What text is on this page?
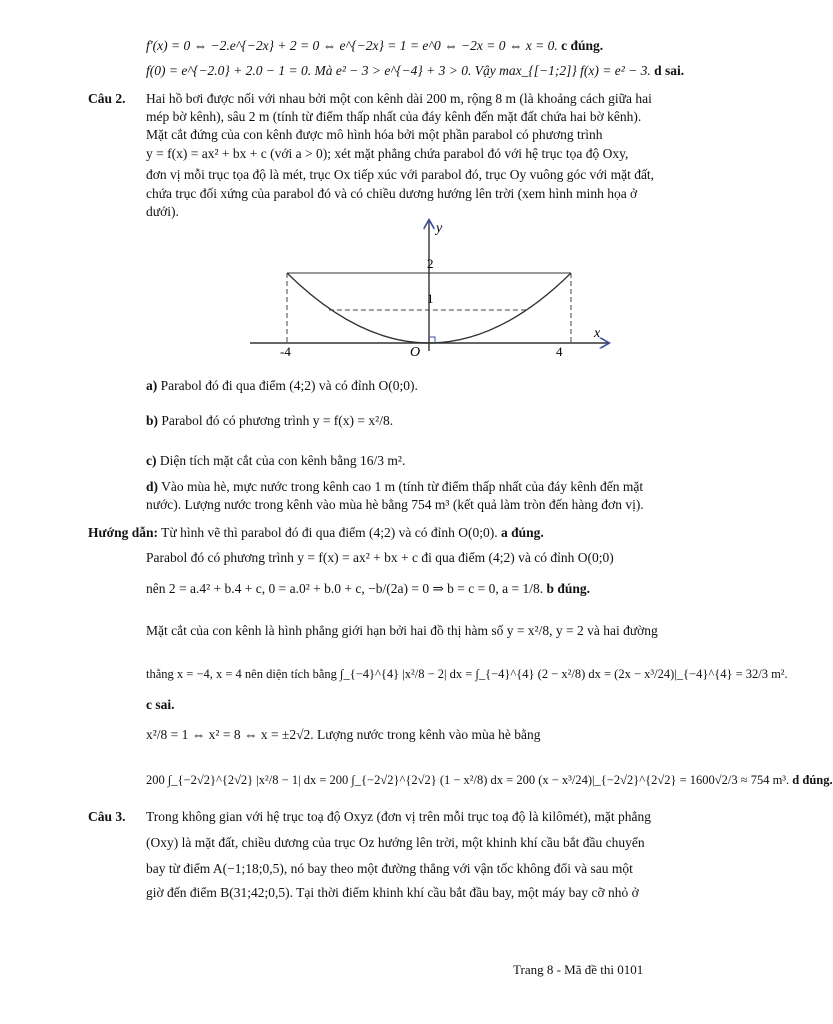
f'(x) = 0 ⇔ −2.e^{−2x} + 2 = 0 ⇔ e^{−2x} = 1 = e^0 ⇔ −2x = 0 ⇔ x = 0. c đúng.
f(0) = e^{−2.0} + 2.0 − 1 = 0. Mà e² − 3 > e^{−4} + 3 > 0. Vậy max_{[−1;2]} f(x) = e² − 3. d sai.
Câu 2. Hai hồ bơi được nối với nhau bởi một con kênh dài 200 m, rộng 8 m (là khoảng cách giữa hai
mép bờ kênh), sâu 2 m (tính từ điểm thấp nhất của đáy kênh đến mặt đất chứa hai bờ kênh).
Mặt cắt đứng của con kênh được mô hình hóa bởi một phần parabol có phương trình
y = f(x) = ax² + bx + c (với a > 0); xét mặt phẳng chứa parabol đó với hệ trục tọa độ Oxy,
đơn vị mỗi trục tọa độ là mét, trục Ox tiếp xúc với parabol đó, trục Oy vuông góc với mặt đất,
chứa trục đối xứng của parabol đó và có chiều dương hướng lên trời (xem hình minh họa ở
dưới).
y
x
O
-4	4
1
2
a) Parabol đó đi qua điểm (4;2) và có đỉnh O(0;0).
b) Parabol đó có phương trình y = f(x) = x²/8.
c) Diện tích mặt cắt của con kênh bằng 16/3 m².
d) Vào mùa hè, mực nước trong kênh cao 1 m (tính từ điểm thấp nhất của đáy kênh đến mặt
nước). Lượng nước trong kênh vào mùa hè bằng 754 m³ (kết quả làm tròn đến hàng đơn vị).
Hướng dẫn: Từ hình vẽ thì parabol đó đi qua điểm (4;2) và có đỉnh O(0;0). a đúng.
Parabol đó có phương trình y = f(x) = ax² + bx + c đi qua điểm (4;2) và có đỉnh O(0;0)
nên 2 = a.4² + b.4 + c, 0 = a.0² + b.0 + c, −b/(2a) = 0 ⇒ b = c = 0, a = 1/8. b đúng.
Mặt cắt của con kênh là hình phẳng giới hạn bởi hai đồ thị hàm số y = x²/8, y = 2 và hai đường
thẳng x = −4, x = 4 nên diện tích bằng ∫_{−4}^{4} |x²/8 − 2| dx = ∫_{−4}^{4} (2 − x²/8) dx = (2x − x³/24)|_{−4}^{4} = 32/3 m².
c sai.
x²/8 = 1 ⇔ x² = 8 ⇔ x = ±2√2. Lượng nước trong kênh vào mùa hè bằng
200 ∫_{−2√2}^{2√2} |x²/8 − 1| dx = 200 ∫_{−2√2}^{2√2} (1 − x²/8) dx = 200 (x − x³/24)|_{−2√2}^{2√2} = 1600√2/3 ≈ 754 m³. d đúng.
Câu 3. Trong không gian với hệ trục toạ độ Oxyz (đơn vị trên mỗi trục toạ độ là kilômét), mặt phẳng
(Oxy) là mặt đất, chiều dương của trục Oz hướng lên trời, một khinh khí cầu bắt đầu chuyển
bay từ điểm A(−1;18;0,5), nó bay theo một đường thẳng với vận tốc không đổi và sau một
giờ đến điểm B(31;42;0,5). Tại thời điểm khinh khí cầu bắt đầu bay, một máy bay cỡ nhỏ ở
Trang 8 - Mã đề thi 0101
